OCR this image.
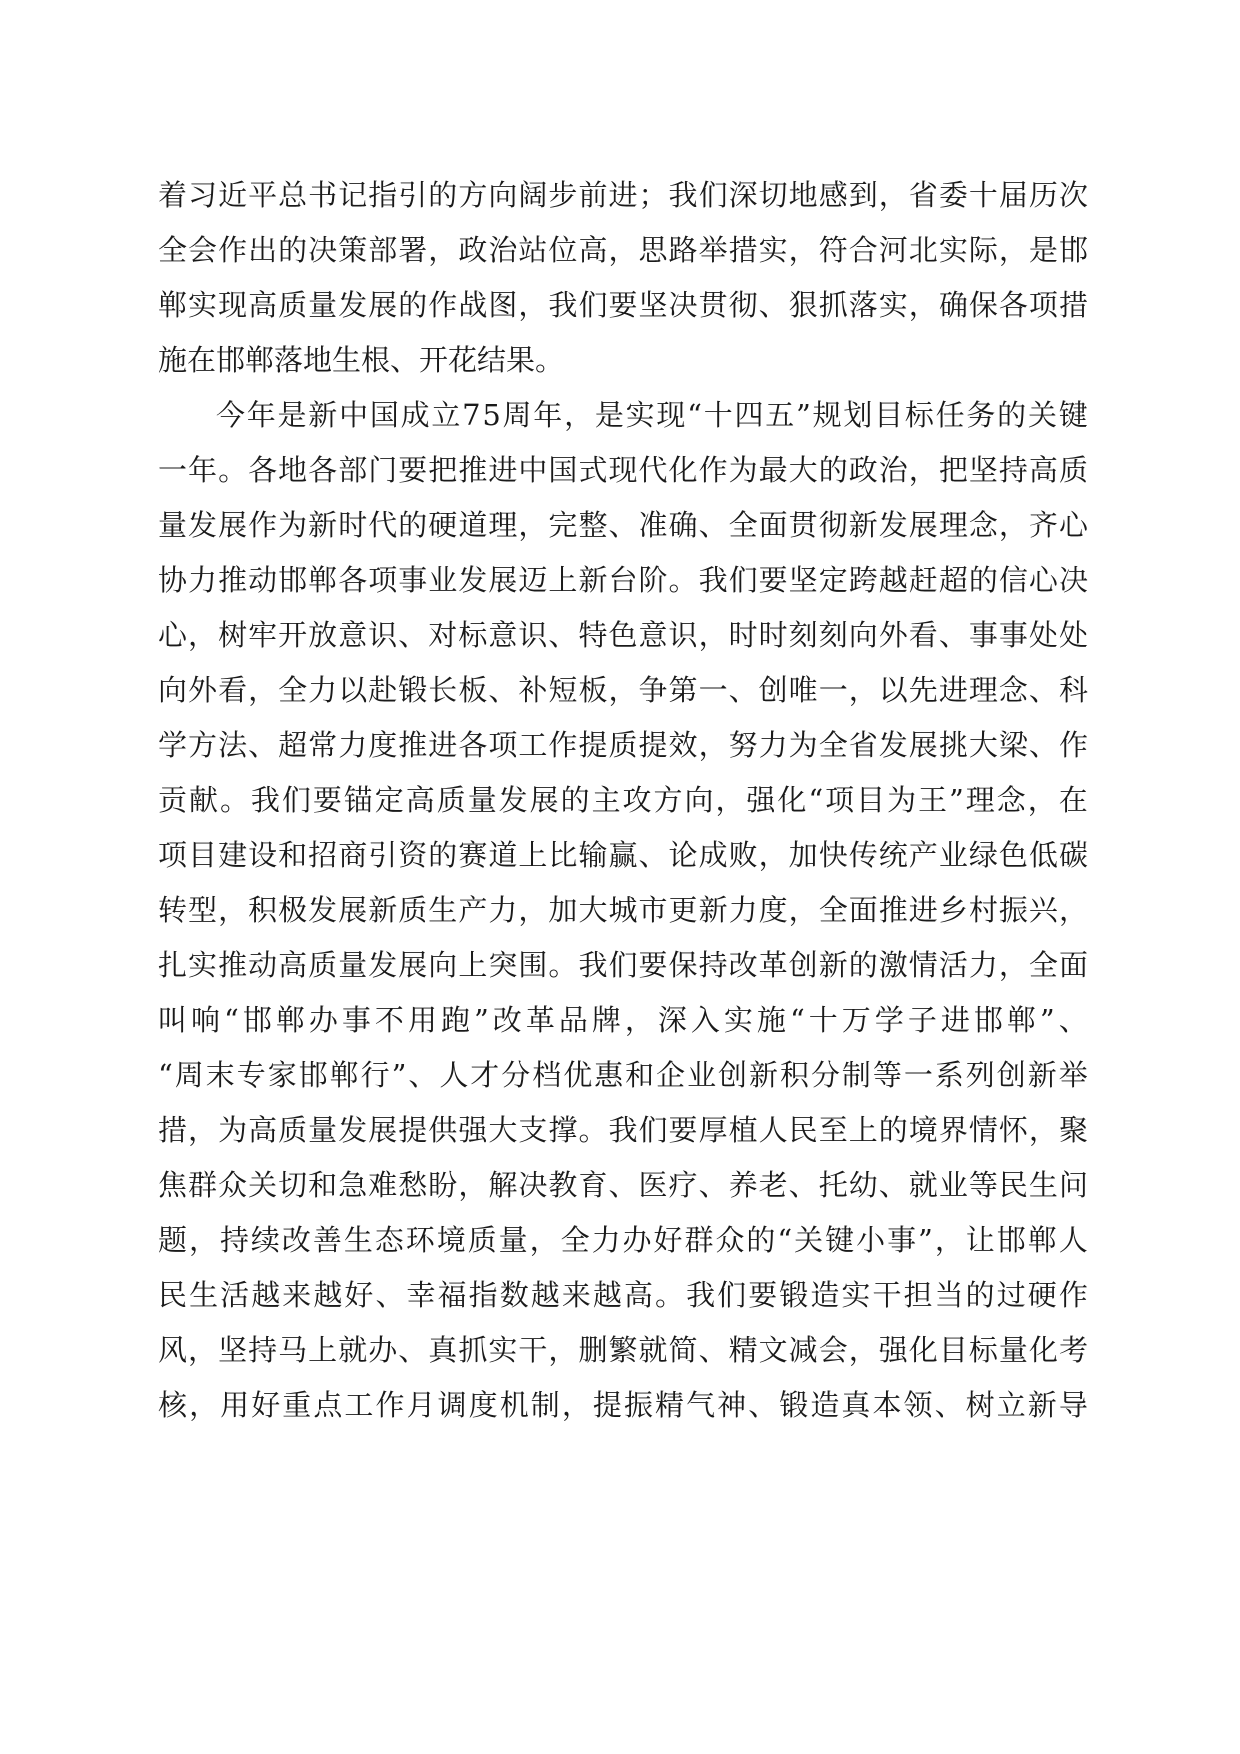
着 习 近 平 总 书 记 指 引 的 方 向 阔 步 前 进 ； 我 们 深 切 地 感 到 ， 省 委 十 届 历 次
全 会 作 出 的 决 策 部 署 ， 政 治 站 位 高 ， 思 路 举 措 实 ， 符 合 河 北 实 际 ， 是 邯
郸 实 现 高 质 量 发 展 的 作 战 图 ， 我 们 要 坚 决 贯 彻 、 狠 抓 落 实 ， 确 保 各 项 措
施在邯郸落地生根、开花结果。
今 年 是 新 中 国 成 立 7 5 周 年 ， 是 实 现 “ 十 四 五 ” 规 划 目 标 任 务 的 关 键
一 年 。 各 地 各 部 门 要 把 推 进 中 国 式 现 代 化 作 为 最 大 的 政 治 ， 把 坚 持 高 质
量 发 展 作 为 新 时 代 的 硬 道 理 ， 完 整 、 准 确 、 全 面 贯 彻 新 发 展 理 念 ， 齐 心
协 力 推 动 邯 郸 各 项 事 业 发 展 迈 上 新 台 阶 。 我 们 要 坚 定 跨 越 赶 超 的 信 心 决
心 ， 树 牢 开 放 意 识 、 对 标 意 识 、 特 色 意 识 ， 时 时 刻 刻 向 外 看 、 事 事 处 处
向 外 看 ， 全 力 以 赴 锻 长 板 、 补 短 板 ， 争 第 一 、 创 唯 一 ， 以 先 进 理 念 、 科
学 方 法 、 超 常 力 度 推 进 各 项 工 作 提 质 提 效 ， 努 力 为 全 省 发 展 挑 大 梁 、 作
贡 献 。 我 们 要 锚 定 高 质 量 发 展 的 主 攻 方 向 ， 强 化 “ 项 目 为 王 ” 理 念 ， 在
项 目 建 设 和 招 商 引 资 的 赛 道 上 比 输 赢 、 论 成 败 ， 加 快 传 统 产 业 绿 色 低 碳
转 型 ， 积 极 发 展 新 质 生 产 力 ， 加 大 城 市 更 新 力 度 ， 全 面 推 进 乡 村 振 兴 ，
扎 实 推 动 高 质 量 发 展 向 上 突 围 。 我 们 要 保 持 改 革 创 新 的 激 情 活 力 ， 全 面
叫 响 “ 邯 郸 办 事 不 用 跑 ” 改 革 品 牌 ， 深 入 实 施 “ 十 万 学 子 进 邯 郸 ” 、
“ 周 末 专 家 邯 郸 行 ” 、 人 才 分 档 优 惠 和 企 业 创 新 积 分 制 等 一 系 列 创 新 举
措 ， 为 高 质 量 发 展 提 供 强 大 支 撑 。 我 们 要 厚 植 人 民 至 上 的 境 界 情 怀 ， 聚
焦 群 众 关 切 和 急 难 愁 盼 ， 解 决 教 育 、 医 疗 、 养 老 、 托 幼 、 就 业 等 民 生 问
题 ， 持 续 改 善 生 态 环 境 质 量 ， 全 力 办 好 群 众 的 “ 关 键 小 事 ” ， 让 邯 郸 人
民 生 活 越 来 越 好 、 幸 福 指 数 越 来 越 高 。 我 们 要 锻 造 实 干 担 当 的 过 硬 作
风 ， 坚 持 马 上 就 办 、 真 抓 实 干 ， 删 繁 就 简 、 精 文 减 会 ， 强 化 目 标 量 化 考
核 ， 用 好 重 点 工 作 月 调 度 机 制 ， 提 振 精 气 神 、 锻 造 真 本 领 、 树 立 新 导
